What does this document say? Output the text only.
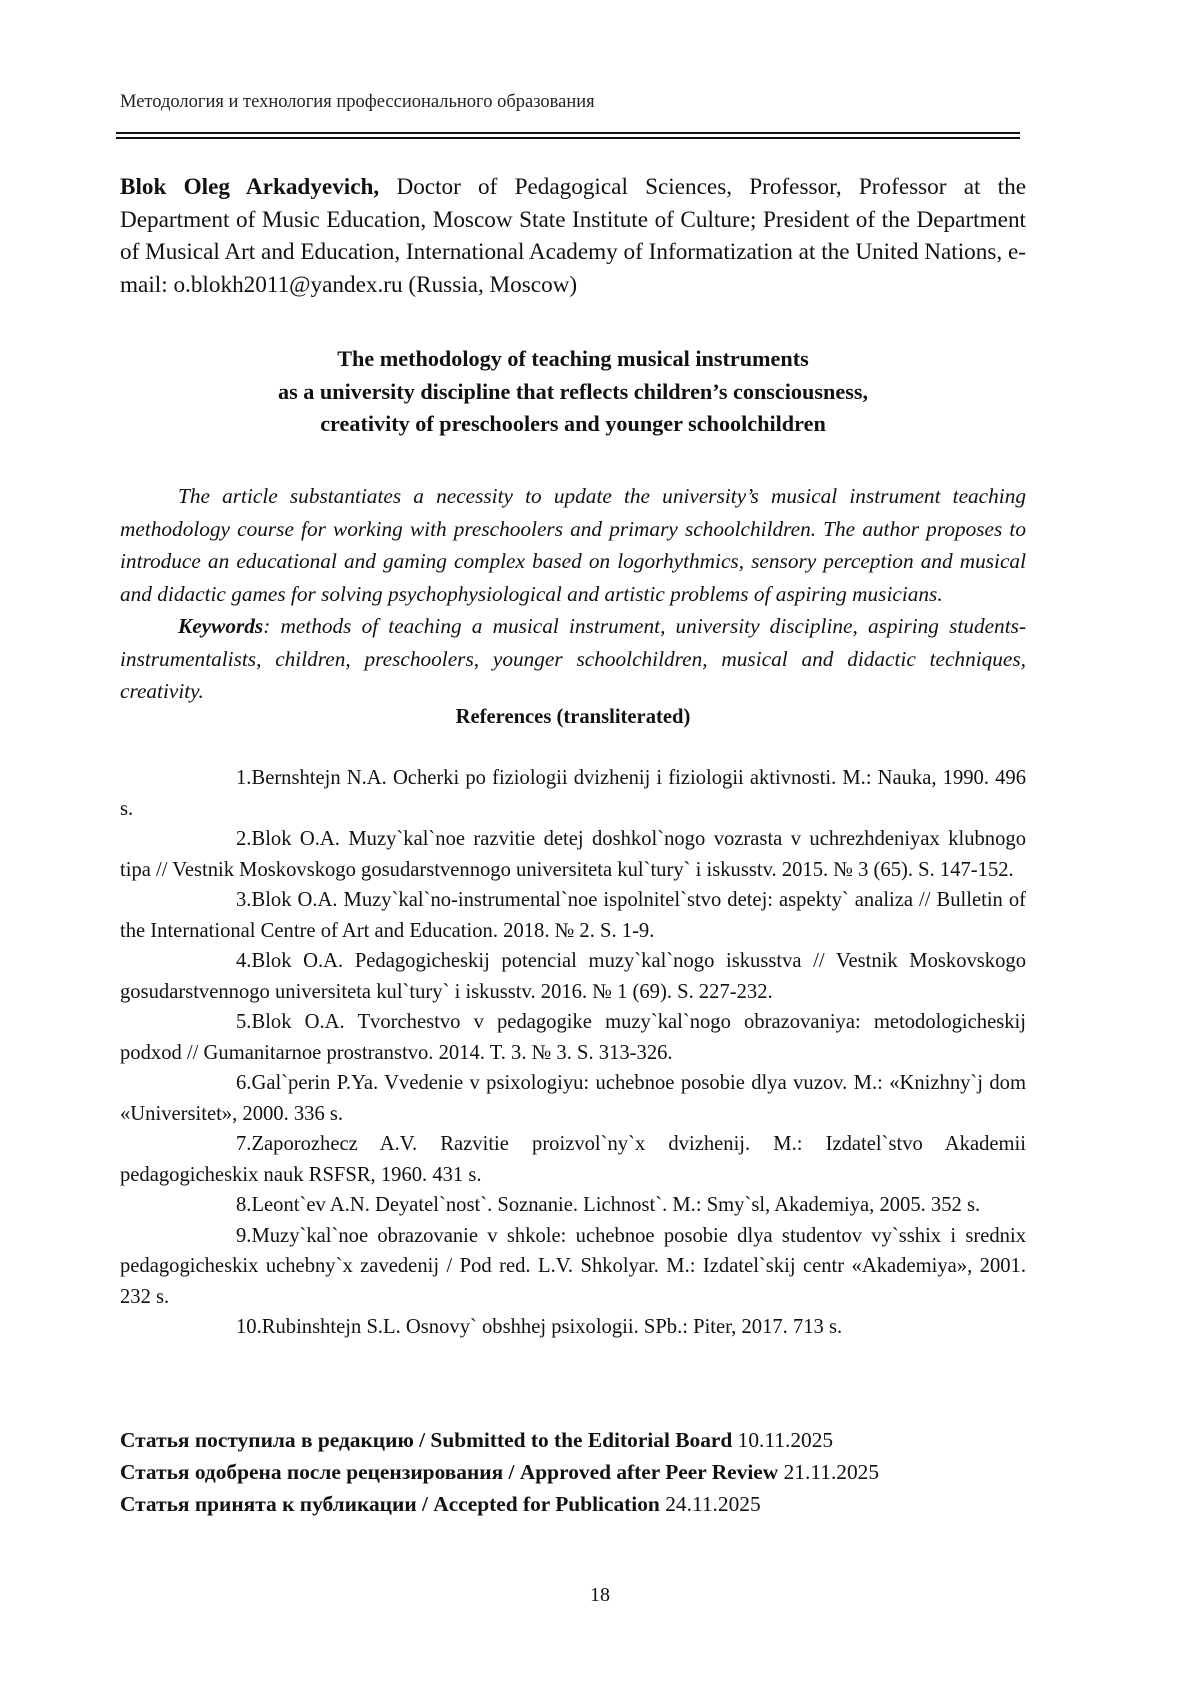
Методология и технология профессионального образования
Blok Oleg Arkadyevich, Doctor of Pedagogical Sciences, Professor, Professor at the Department of Music Education, Moscow State Institute of Culture; President of the Department of Musical Art and Education, International Academy of Informatization at the United Nations, e-mail: o.blokh2011@yandex.ru (Russia, Moscow)
The methodology of teaching musical instruments
as a university discipline that reflects children’s consciousness,
creativity of preschoolers and younger schoolchildren

The article substantiates a necessity to update the university’s musical instrument teaching methodology course for working with preschoolers and primary schoolchildren. The author proposes to introduce an educational and gaming complex based on logorhythmics, sensory perception and musical and didactic games for solving psychophysiological and artistic problems of aspiring musicians.

Keywords: methods of teaching a musical instrument, university discipline, aspiring students-instrumentalists, children, preschoolers, younger schoolchildren, musical and didactic techniques, creativity.

References (transliterated)

1.Bernshtejn N.A. Ocherki po fiziologii dvizhenij i fiziologii aktivnosti. M.: Nauka, 1990. 496 s.

2.Blok O.A. Muzy`kal`noe razvitie detej doshkol`nogo vozrasta v uchrezhdeniyax klubnogo tipa // Vestnik Moskovskogo gosudarstvennogo universiteta kul`tury` i iskusstv. 2015. № 3 (65). S. 147-152.

3.Blok O.A. Muzy`kal`no-instrumental`noe ispolnitel`stvo detej: aspekty` analiza // Bulletin of the International Centre of Art and Education. 2018. № 2. S. 1-9.

4.Blok O.A. Pedagogicheskij potencial muzy`kal`nogo iskusstva // Vestnik Moskovskogo gosudarstvennogo universiteta kul`tury` i iskusstv. 2016. № 1 (69). S. 227-232.

5.Blok O.A. Tvorchestvo v pedagogike muzy`kal`nogo obrazovaniya: metodologicheskij podxod // Gumanitarnoe prostranstvo. 2014. T. 3. № 3. S. 313-326.

6.Gal`perin P.Ya. Vvedenie v psixologiyu: uchebnoe posobie dlya vuzov. M.: «Knizhny`j dom «Universitet», 2000. 336 s.

7.Zaporozhecz A.V. Razvitie proizvol`ny`x dvizhenij. M.: Izdatel`stvo Akademii pedagogicheskix nauk RSFSR, 1960. 431 s.

8.Leont`ev A.N. Deyatel`nost`. Soznanie. Lichnost`. M.: Smy`sl, Akademiya, 2005. 352 s.

9.Muzy`kal`noe obrazovanie v shkole: uchebnoe posobie dlya studentov vy`sshix i srednix pedagogicheskix uchebny`x zavedenij / Pod red. L.V. Shkolyar. M.: Izdatel`skij centr «Akademiya», 2001. 232 s.

10.Rubinshtejn S.L. Osnovy` obshhej psixologii. SPb.: Piter, 2017. 713 s.

Статья поступила в редакцию / Submitted to the Editorial Board 10.11.2025
Статья одобрена после рецензирования / Approved after Peer Review 21.11.2025
Статья принята к публикации / Accepted for Publication 24.11.2025
18
